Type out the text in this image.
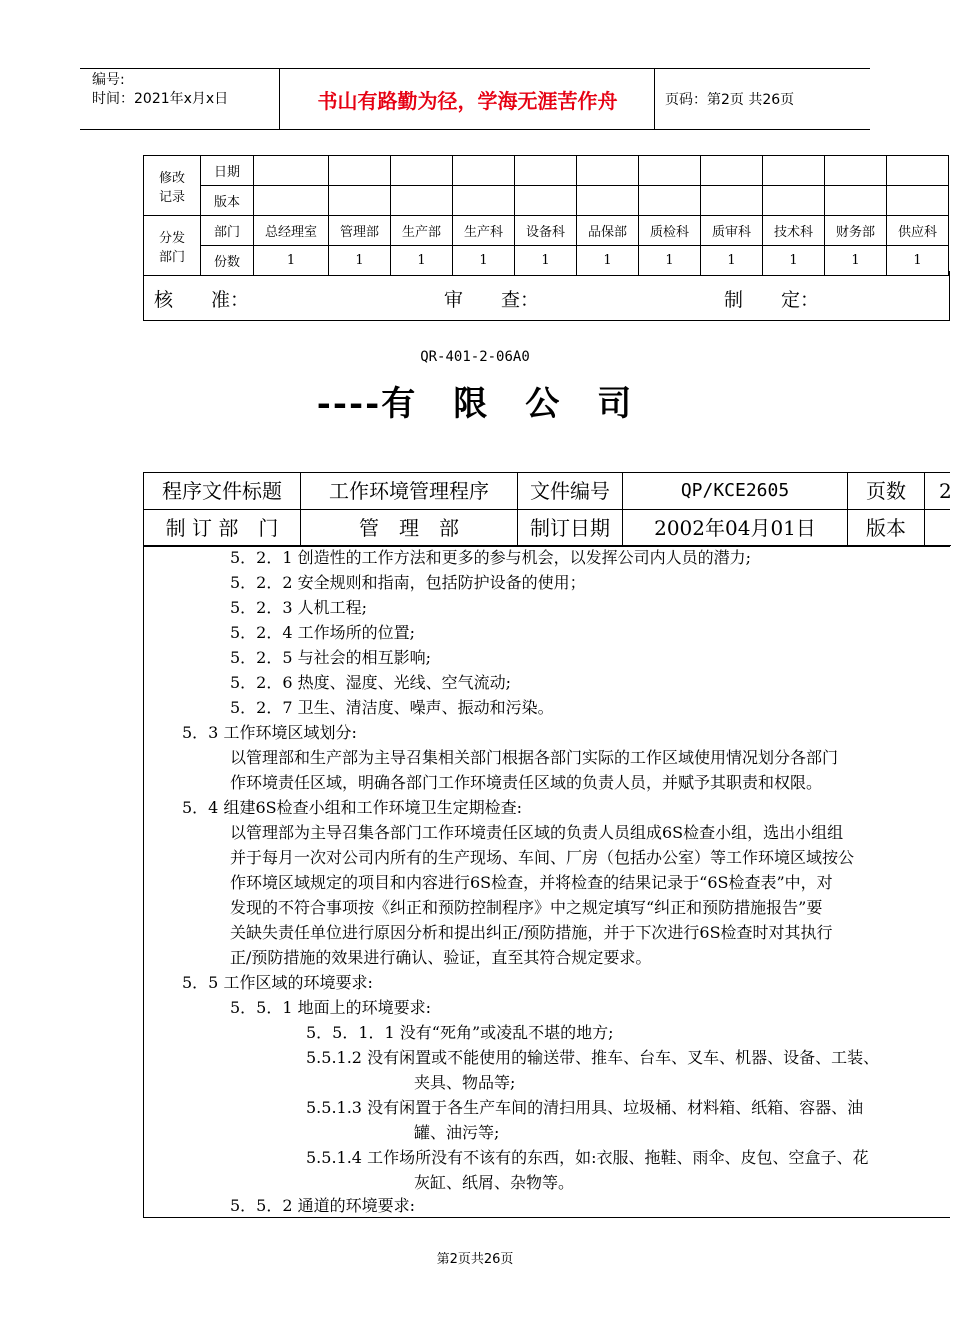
编号:
时间：2021年x月x日	书山有路勤为径，学海无涯苦作舟	页码：第2页 共26页
修改
记录	日期											
	版本											

分发
部门	部门	总经理室	管理部	生产部	生产科	设备科	品保部	质检科	质审科	技术科	财务部	供应科
	份数	1	1	1	1	1	1	1	1	1	1	1
核　　准：	审　　查：	制　　定：
QR-401-2-06A0
----有　限　公　司
程序文件标题	工作环境管理程序	文件编号	QP/KCE2605	页数	2
制 订 部　门	管　理　部	制订日期	2002年04月01日	版本
5．2．1 创造性的工作方法和更多的参与机会，以发挥公司内人员的潜力;
5．2．2 安全规则和指南，包括防护设备的使用；
5．2．3 人机工程;
5．2．4 工作场所的位置;
5．2．5 与社会的相互影响;
5．2．6 热度、湿度、光线、空气流动;
5．2．7 卫生、清洁度、噪声、振动和污染。
5．3 工作环境区域划分:
以管理部和生产部为主导召集相关部门根据各部门实际的工作区域使用情况划分各部门
作环境责任区域，明确各部门工作环境责任区域的负责人员，并赋予其职责和权限。
5．4 组建6S检查小组和工作环境卫生定期检查:
以管理部为主导召集各部门工作环境责任区域的负责人员组成6S检查小组，选出小组组
并于每月一次对公司内所有的生产现场、车间、厂房（包括办公室）等工作环境区域按公
作环境区域规定的项目和内容进行6S检查，并将检查的结果记录于“6S检查表”中，对
发现的不符合事项按《纠正和预防控制程序》中之规定填写“纠正和预防措施报告”要
关缺失责任单位进行原因分析和提出纠正/预防措施，并于下次进行6S检查时对其执行
正/预防措施的效果进行确认、验证，直至其符合规定要求。
5．5 工作区域的环境要求:
5．5．1 地面上的环境要求:
5．5．1．1 没有“死角”或凌乱不堪的地方;
5.5.1.2 没有闲置或不能使用的输送带、推车、台车、叉车、机器、设备、工装、
夹具、物品等;
5.5.1.3 没有闲置于各生产车间的清扫用具、垃圾桶、材料箱、纸箱、容器、油
罐、油污等;
5.5.1.4 工作场所没有不该有的东西，如:衣服、拖鞋、雨伞、皮包、空盒子、花
灰缸、纸屑、杂物等。
5．5．2 通道的环境要求:
第2页共26页
